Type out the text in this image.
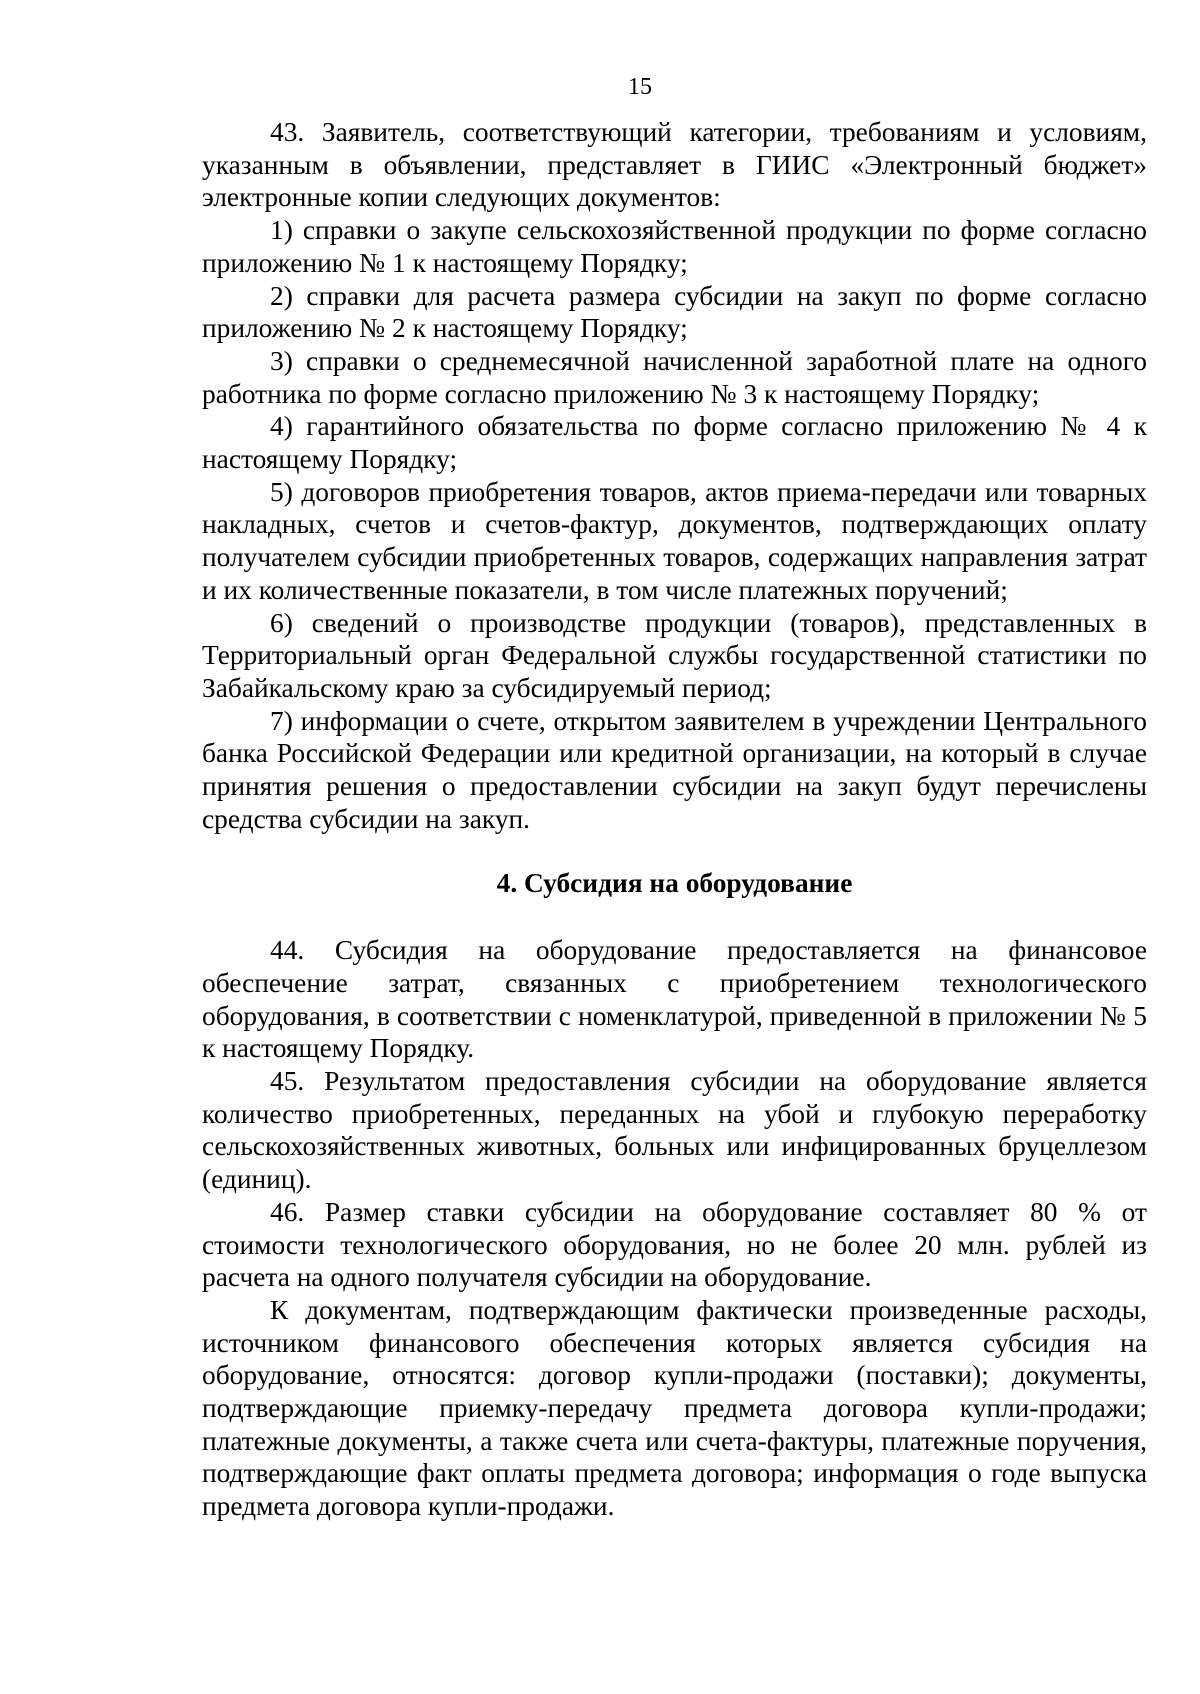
15

43. Заявитель, соответствующий категории, требованиям и условиям, указанным в объявлении, представляет в ГИИС «Электронный бюджет» электронные копии следующих документов:

1) справки о закупе сельскохозяйственной продукции по форме согласно приложению № 1 к настоящему Порядку;

2) справки для расчета размера субсидии на закуп по форме согласно приложению № 2 к настоящему Порядку;

3) справки о среднемесячной начисленной заработной плате на одного работника по форме согласно приложению № 3 к настоящему Порядку;

4) гарантийного обязательства по форме согласно приложению № 4 к настоящему Порядку;

5) договоров приобретения товаров, актов приема-передачи или товарных накладных, счетов и счетов-фактур, документов, подтверждающих оплату получателем субсидии приобретенных товаров, содержащих направления затрат и их количественные показатели, в том числе платежных поручений;

6) сведений о производстве продукции (товаров), представленных в Территориальный орган Федеральной службы государственной статистики по Забайкальскому краю за субсидируемый период;

7) информации о счете, открытом заявителем в учреждении Центрального банка Российской Федерации или кредитной организации, на который в случае принятия решения о предоставлении субсидии на закуп будут перечислены средства субсидии на закуп.

4. Субсидия на оборудование

44. Субсидия на оборудование предоставляется на финансовое обеспечение затрат, связанных с приобретением технологического оборудования, в соответствии с номенклатурой, приведенной в приложении № 5 к настоящему Порядку.

45. Результатом предоставления субсидии на оборудование является количество приобретенных, переданных на убой и глубокую переработку сельскохозяйственных животных, больных или инфицированных бруцеллезом (единиц).

46. Размер ставки субсидии на оборудование составляет 80 % от стоимости технологического оборудования, но не более 20 млн. рублей из расчета на одного получателя субсидии на оборудование.

К документам, подтверждающим фактически произведенные расходы, источником финансового обеспечения которых является субсидия на оборудование, относятся: договор купли-продажи (поставки); документы, подтверждающие приемку-передачу предмета договора купли-продажи; платежные документы, а также счета или счета-фактуры, платежные поручения, подтверждающие факт оплаты предмета договора; информация о годе выпуска предмета договора купли-продажи.
